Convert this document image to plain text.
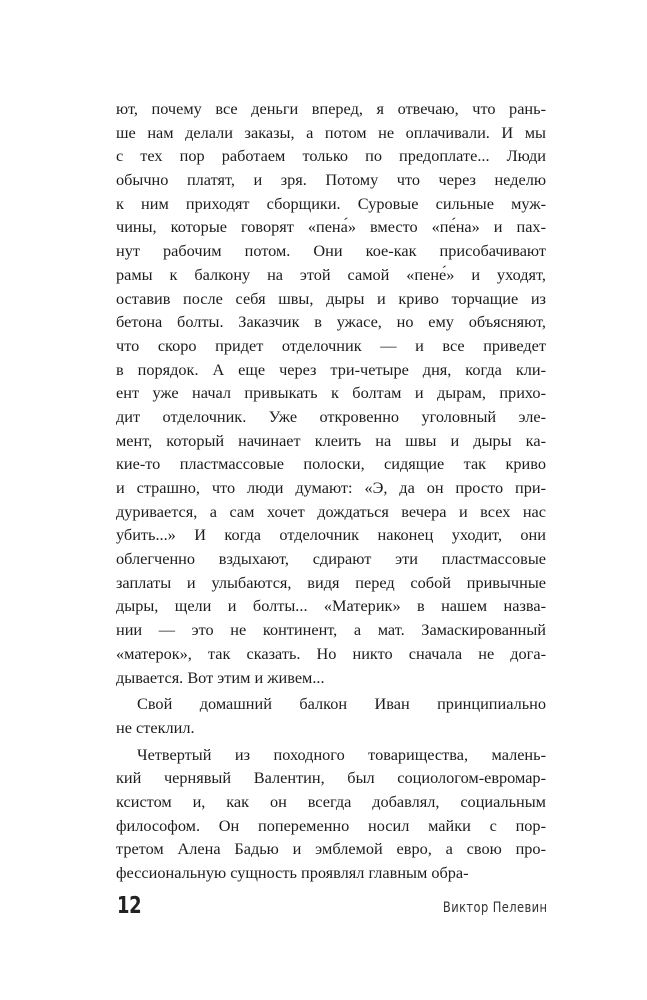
ют, почему все деньги вперед, я отвечаю, что рань-
ше нам делали заказы, а потом не оплачивали. И мы
с тех пор работаем только по предоплате... Люди
обычно платят, и зря. Потому что через неделю
к ним приходят сборщики. Суровые сильные муж-
чины, которые говорят «пена́» вместо «пе́на» и пах-
нут рабочим потом. Они кое-как присобачивают
рамы к балкону на этой самой «пене́» и уходят,
оставив после себя швы, дыры и криво торчащие из
бетона болты. Заказчик в ужасе, но ему объясняют,
что скоро придет отделочник — и все приведет
в порядок. А еще через три-четыре дня, когда кли-
ент уже начал привыкать к болтам и дырам, прихо-
дит отделочник. Уже откровенно уголовный эле-
мент, который начинает клеить на швы и дыры ка-
кие-то пластмассовые полоски, сидящие так криво
и страшно, что люди думают: «Э, да он просто при-
дуривается, а сам хочет дождаться вечера и всех нас
убить...» И когда отделочник наконец уходит, они
облегченно вздыхают, сдирают эти пластмассовые
заплаты и улыбаются, видя перед собой привычные
дыры, щели и болты... «Материк» в нашем назва-
нии — это не континент, а мат. Замаскированный
«матерок», так сказать. Но никто сначала не дога-
дывается. Вот этим и живем...
Свой домашний балкон Иван принципиально
не стеклил.
Четвертый из походного товарищества, малень-
кий чернявый Валентин, был социологом-евромар-
ксистом и, как он всегда добавлял, социальным
философом. Он попеременно носил майки с пор-
третом Алена Бадью и эмблемой евро, а свою про-
фессиональную сущность проявлял главным обра-
12	Виктор Пелевин
